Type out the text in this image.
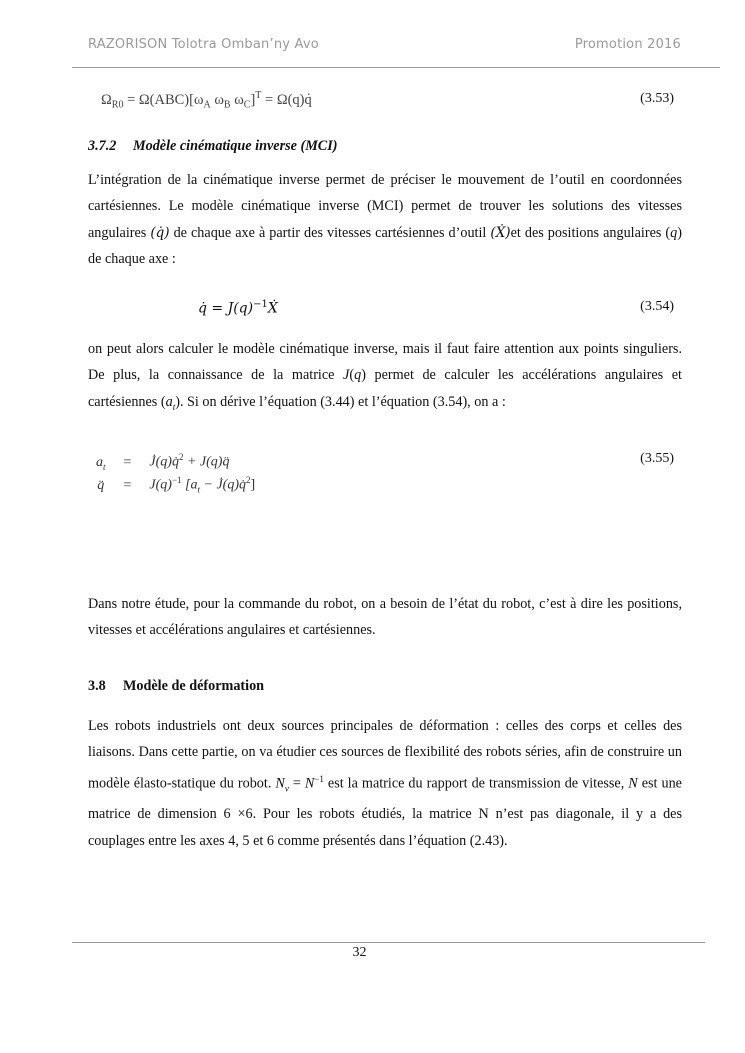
RAZORISON Tolotra Omban’ny Avo	Promotion 2016
$\Omega_{R0} = \Omega(ABC)[\omega_A$ $\omega_B$ $\omega_C]^T$ = Ω(q)q̇	(3.53)
3.7.2 Modèle cinématique inverse (MCI)

L’intégration de la cinématique inverse permet de préciser le mouvement de l’outil en coordonnées cartésiennes. Le modèle cinématique inverse (MCI) permet de trouver les solutions des vitesses angulaires (q̇) de chaque axe à partir des vitesses cartésiennes d’outil (Ẋ)et des positions angulaires (q) de chaque axe :

q̇ = $J(q)^{-1}Ẋ$	(3.54)

on peut alors calculer le modèle cinématique inverse, mais il faut faire attention aux points singuliers. De plus, la connaissance de la matrice J(q) permet de calculer les accélérations angulaires et cartésiennes $(a_t)$. Si on dérive l’équation (3.44) et l’équation (3.54), on a :

$a_t$	=	J̇(q)q̇$^2$ + J(q)q̈
q̈	=	$J(q)^{-1}$ [$a_t$ − J̇(q)q̇$^2$]
(3.55)

Dans notre étude, pour la commande du robot, on a besoin de l’état du robot, c’est à dire les positions, vitesses et accélérations angulaires et cartésiennes.

3.8 Modèle de déformation

Les robots industriels ont deux sources principales de déformation : celles des corps et celles des liaisons. Dans cette partie, on va étudier ces sources de flexibilité des robots séries, afin de construire un modèle élasto-statique du robot. $N_v = N^{-1}$ est la matrice du rapport de transmission de vitesse, N est une matrice de dimension 6 ×6. Pour les robots étudiés, la matrice N n’est pas diagonale, il y a des couplages entre les axes 4, 5 et 6 comme présentés dans l’équation (2.43).

32
